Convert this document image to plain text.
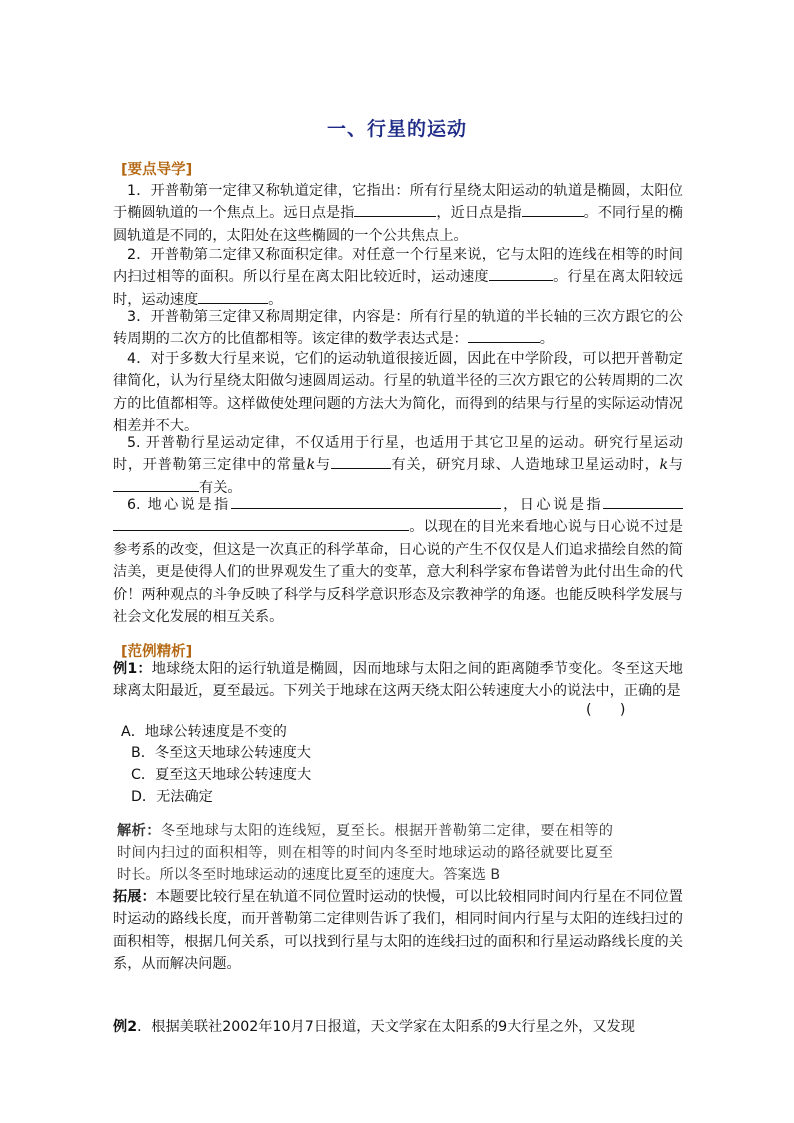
一、行星的运动
[要点导学]
1．开普勒第一定律又称轨道定律，它指出：所有行星绕太阳运动的轨道是椭圆，太阳位于椭圆轨道的一个焦点上。远日点是指	，近日点是指	。不同行星的椭圆轨道是不同的，太阳处在这些椭圆的一个公共焦点上。
2．开普勒第二定律又称面积定律。对任意一个行星来说，它与太阳的连线在相等的时间内扫过相等的面积。所以行星在离太阳比较近时，运动速度	。行星在离太阳较远时，运动速度	。
3．开普勒第三定律又称周期定律，内容是：所有行星的轨道的半长轴的三次方跟它的公转周期的二次方的比值都相等。该定律的数学表达式是：	。
4．对于多数大行星来说，它们的运动轨道很接近圆，因此在中学阶段，可以把开普勒定律简化，认为行星绕太阳做匀速圆周运动。行星的轨道半径的三次方跟它的公转周期的二次方的比值都相等。这样做使处理问题的方法大为简化，而得到的结果与行星的实际运动情况相差并不大。
5. 开普勒行星运动定律，不仅适用于行星，也适用于其它卫星的运动。研究行星运动时，开普勒第三定律中的常量k与	有关，研究月球、人造地球卫星运动时，k与有关。
6. 地心说是指	，日心说是指。以现在的目光来看地心说与日心说不过是参考系的改变，但这是一次真正的科学革命，日心说的产生不仅仅是人们追求描绘自然的简洁美，更是使得人们的世界观发生了重大的变革，意大利科学家布鲁诺曾为此付出生命的代价！两种观点的斗争反映了科学与反科学意识形态及宗教神学的角逐。也能反映科学发展与社会文化发展的相互关系。
[范例精析]
例1：地球绕太阳的运行轨道是椭圆，因而地球与太阳之间的距离随季节变化。冬至这天地球离太阳最近，夏至最远。下列关于地球在这两天绕太阳公转速度大小的说法中，正确的是
(　　)
A．地球公转速度是不变的
B．冬至这天地球公转速度大
C．夏至这天地球公转速度大
D．无法确定
解析：冬至地球与太阳的连线短，夏至长。根据开普勒第二定律，要在相等的时间内扫过的面积相等，则在相等的时间内冬至时地球运动的路径就要比夏至时长。所以冬至时地球运动的速度比夏至的速度大。答案选 B
拓展：本题要比较行星在轨道不同位置时运动的快慢，可以比较相同时间内行星在不同位置时运动的路线长度，而开普勒第二定律则告诉了我们，相同时间内行星与太阳的连线扫过的面积相等，根据几何关系，可以找到行星与太阳的连线扫过的面积和行星运动路线长度的关系，从而解决问题。
例2．根据美联社2002年10月7日报道，天文学家在太阳系的9大行星之外，又发现
